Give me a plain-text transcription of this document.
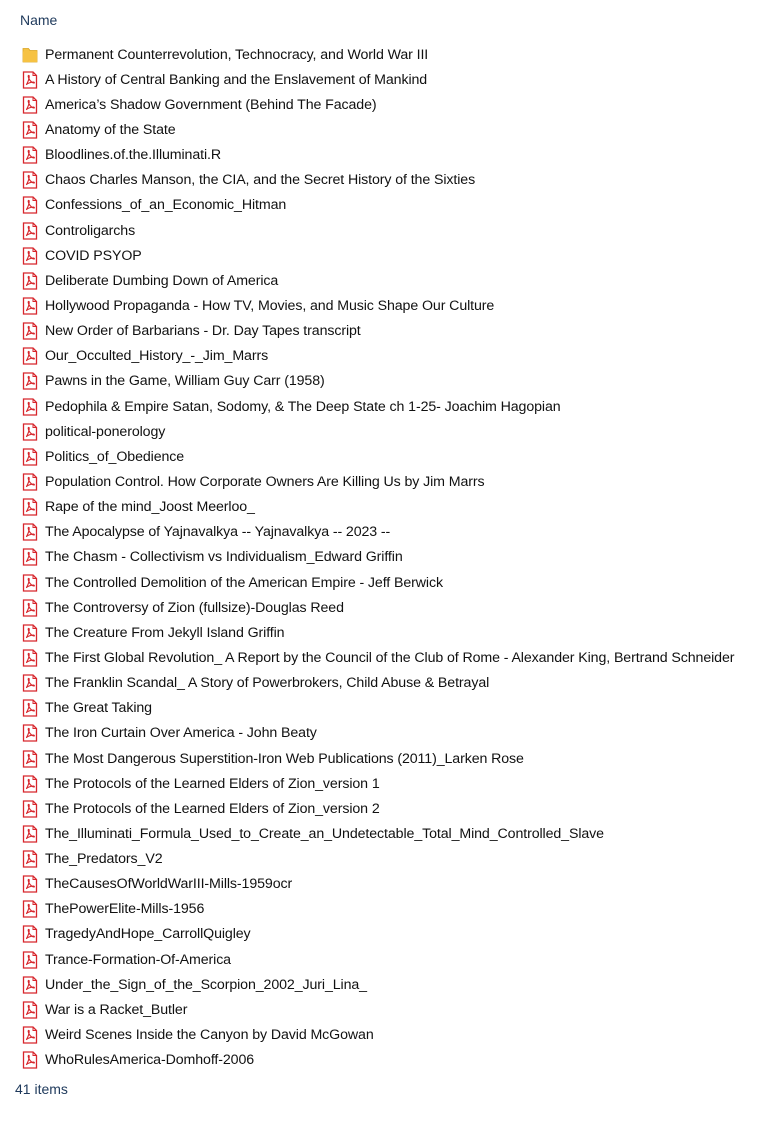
Name
Permanent Counterrevolution, Technocracy, and World War III
A History of Central Banking and the Enslavement of Mankind
America’s Shadow Government (Behind The Facade)
Anatomy of the State
Bloodlines.of.the.Illuminati.R
Chaos Charles Manson, the CIA, and the Secret History of the Sixties
Confessions_of_an_Economic_Hitman
Controligarchs
COVID PSYOP
Deliberate Dumbing Down of America
Hollywood Propaganda - How TV, Movies, and Music Shape Our Culture
New Order of Barbarians - Dr. Day Tapes transcript
Our_Occulted_History_-_Jim_Marrs
Pawns in the Game, William Guy Carr (1958)
Pedophila & Empire Satan, Sodomy, & The Deep State ch 1-25- Joachim Hagopian
political-ponerology
Politics_of_Obedience
Population Control. How Corporate Owners Are Killing Us by Jim Marrs
Rape of the mind_Joost Meerloo_
The Apocalypse of Yajnavalkya -- Yajnavalkya -- 2023 --
The Chasm - Collectivism vs Individualism_Edward Griffin
The Controlled Demolition of the American Empire - Jeff Berwick
The Controversy of Zion (fullsize)-Douglas Reed
The Creature From Jekyll Island Griffin
The First Global Revolution_ A Report by the Council of the Club of Rome - Alexander King, Bertrand Schneider
The Franklin Scandal_ A Story of Powerbrokers, Child Abuse & Betrayal
The Great Taking
The Iron Curtain Over America - John Beaty
The Most Dangerous Superstition-Iron Web Publications (2011)_Larken Rose
The Protocols of the Learned Elders of Zion_version 1
The Protocols of the Learned Elders of Zion_version 2
The_Illuminati_Formula_Used_to_Create_an_Undetectable_Total_Mind_Controlled_Slave
The_Predators_V2
TheCausesOfWorldWarIII-Mills-1959ocr
ThePowerElite-Mills-1956
TragedyAndHope_CarrollQuigley
Trance-Formation-Of-America
Under_the_Sign_of_the_Scorpion_2002_Juri_Lina_
War is a Racket_Butler
Weird Scenes Inside the Canyon by David McGowan
WhoRulesAmerica-Domhoff-2006
41 items
